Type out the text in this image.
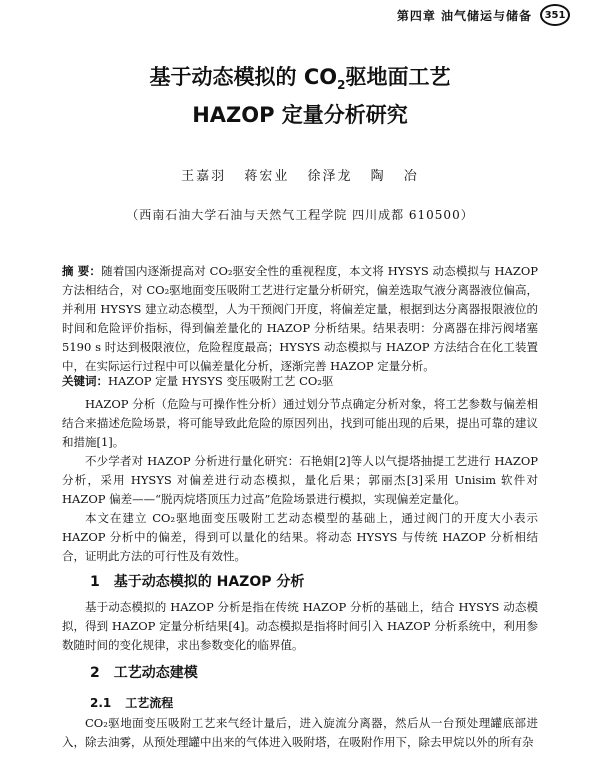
第四章 油气储运与储备	351
基于动态模拟的 $CO_2$驱地面工艺
HAZOP 定量分析研究
王嘉羽 蒋宏业 徐泽龙 陶 冶
（西南石油大学石油与天然气工程学院 四川成都 610500）
摘 要：随着国内逐渐提高对 CO₂驱安全性的重视程度，本文将 HYSYS 动态模拟与 HAZOP 方法相结合，对 CO₂驱地面变压吸附工艺进行定量分析研究，偏差选取气液分离器液位偏高，并利用 HYSYS 建立动态模型，人为干预阀门开度，将偏差定量，根据到达分离器报限液位的时间和危险评价指标，得到偏差量化的 HAZOP 分析结果。结果表明：分离器在排污阀堵塞 5190 s 时达到极限液位，危险程度最高；HYSYS 动态模拟与 HAZOP 方法结合在化工装置中，在实际运行过程中可以偏差量化分析，逐渐完善 HAZOP 定量分析。
关键词：HAZOP 定量 HYSYS 变压吸附工艺 CO₂驱

HAZOP 分析（危险与可操作性分析）通过划分节点确定分析对象，将工艺参数与偏差相结合来描述危险场景，将可能导致此危险的原因列出，找到可能出现的后果，提出可靠的建议和措施[1]。

不少学者对 HAZOP 分析进行量化研究：石艳娟[2]等人以气提塔抽提工艺进行 HAZOP 分析，采用 HYSYS 对偏差进行动态模拟，量化后果；郭丽杰[3]采用 Unisim 软件对 HAZOP 偏差——“脱丙烷塔顶压力过高”危险场景进行模拟，实现偏差定量化。

本文在建立 CO₂驱地面变压吸附工艺动态模型的基础上，通过阀门的开度大小表示 HAZOP 分析中的偏差，得到可以量化的结果。将动态 HYSYS 与传统 HAZOP 分析相结合，证明此方法的可行性及有效性。

1 基于动态模拟的 HAZOP 分析

基于动态模拟的 HAZOP 分析是指在传统 HAZOP 分析的基础上，结合 HYSYS 动态模拟，得到 HAZOP 定量分析结果[4]。动态模拟是指将时间引入 HAZOP 分析系统中，利用参数随时间的变化规律，求出参数变化的临界值。

2 工艺动态建模
2.1 工艺流程

CO₂驱地面变压吸附工艺来气经计量后，进入旋流分离器，然后从一台预处理罐底部进入，除去油雾，从预处理罐中出来的气体进入吸附塔，在吸附作用下，除去甲烷以外的所有杂
